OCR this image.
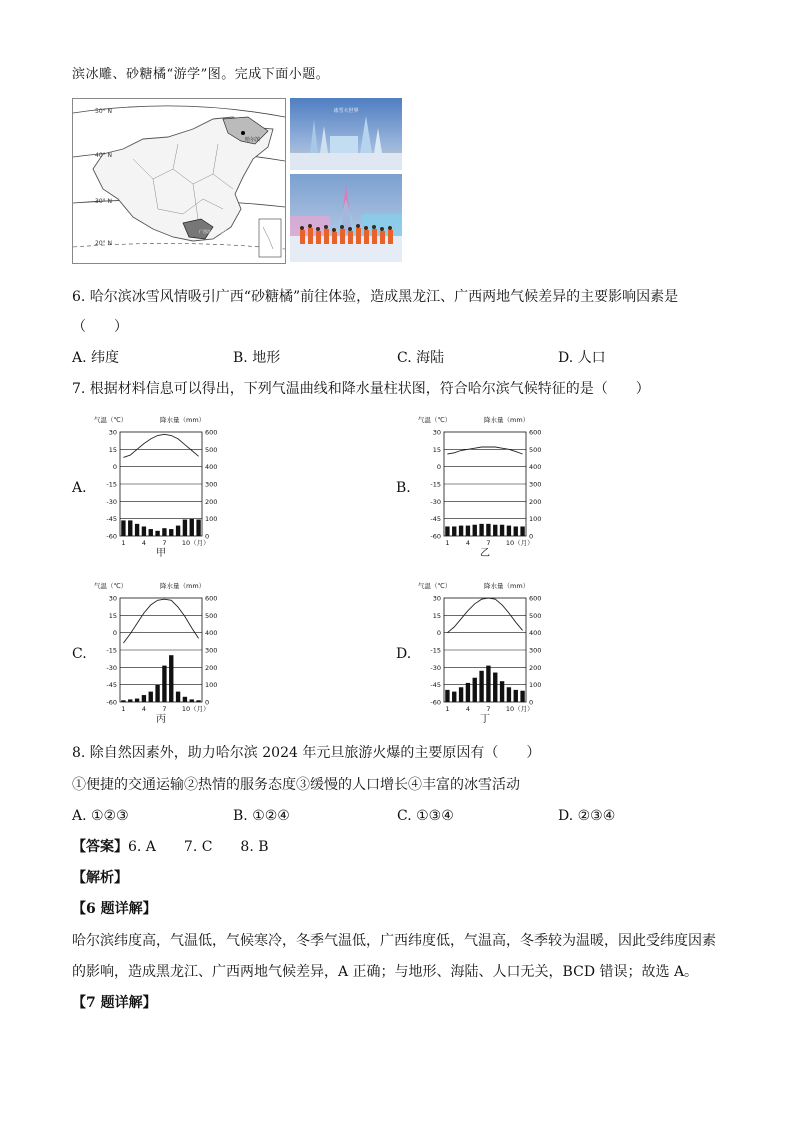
滨冰雕、砂糖橘“游学”图。完成下面小题。
50° N
40° N
30° N
20° N
哈尔滨
广西壮族自治区
冰雪大世界
6. 哈尔滨冰雪风情吸引广西“砂糖橘”前往体验，造成黑龙江、广西两地气候差异的主要影响因素是
（　　）
A. 纬度	B. 地形	C. 海陆	D. 人口
7. 根据材料信息可以得出，下列气温曲线和降水量柱状图，符合哈尔滨气候特征的是（　　）
A.	B.
C.	D.
气温（℃）	降水量（mm）
30
15
0
-15
-30
-45
-60
600
500
400
300
200
100
0
1	4	7 10（月）
甲
气温（℃）	降水量（mm）
30
15
0
-15
-30
-45
-60
600
500
400
300
200
100
0
1	4	7 10（月）
乙
气温（℃）	降水量（mm）
30
15
0
-15
-30
-45
-60
600
500
400
300
200
100
0
1	4	7 10（月）
丙
气温（℃）	降水量（mm）
30
15
0
-15
-30
-45
-60
600
500
400
300
200
100
0
1	4	7 10（月）
丁
8. 除自然因素外，助力哈尔滨 2024 年元旦旅游火爆的主要原因有（　　）
①便捷的交通运输②热情的服务态度③缓慢的人口增长④丰富的冰雪活动
A. ①②③	B. ①②④	C. ①③④	D. ②③④
【答案】6. A　　7. C　　8. B
【解析】
【6 题详解】
哈尔滨纬度高，气温低，气候寒冷，冬季气温低，广西纬度低，气温高，冬季较为温暖，因此受纬度因素
的影响，造成黑龙江、广西两地气候差异，A 正确；与地形、海陆、人口无关，BCD 错误；故选 A。
【7 题详解】
